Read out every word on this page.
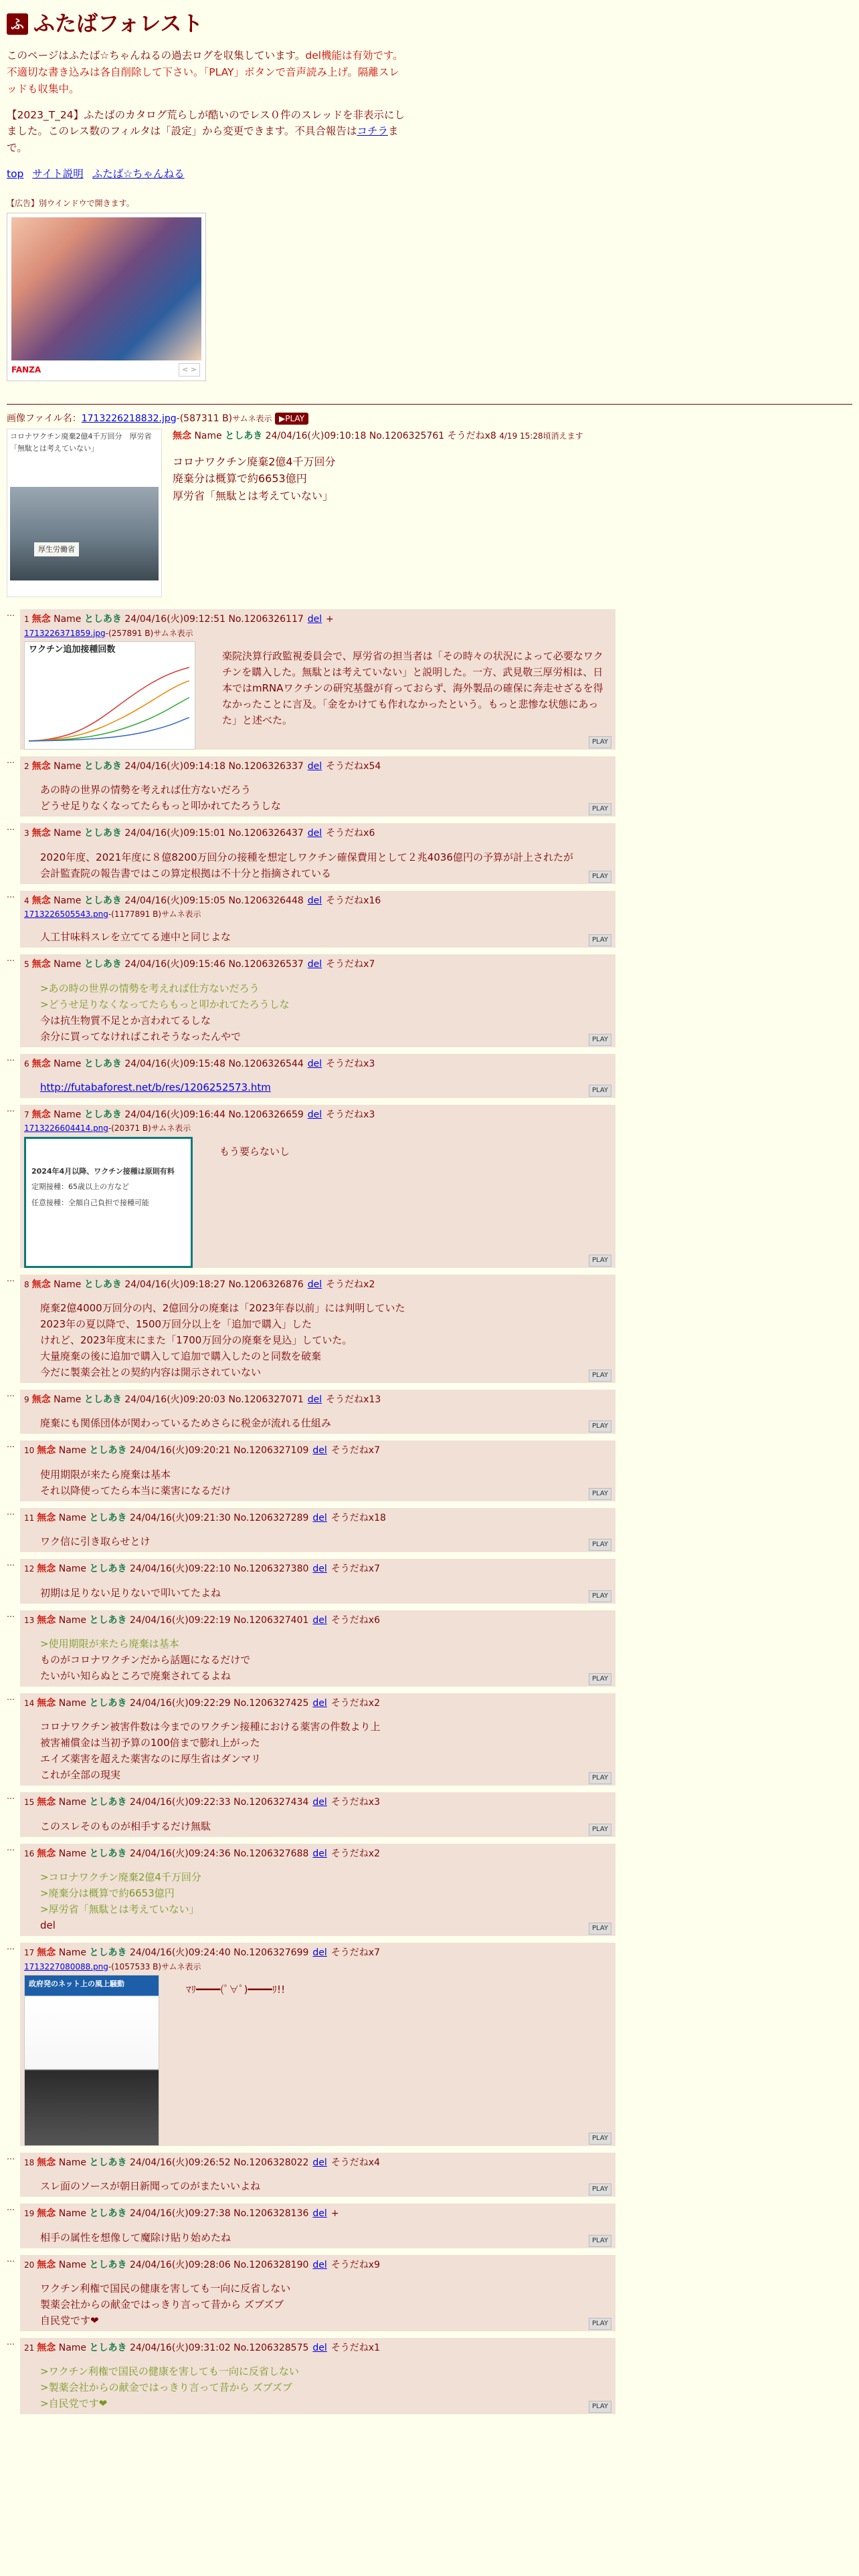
ふ ふたばフォレスト

このページはふたば☆ちゃんねるの過去ログを収集しています。del機能は有効です。不適切な書き込みは各自削除して下さい。「PLAY」ボタンで音声読み上げ。隔離スレッドも収集中。

【2023_T_24】ふたばのカタログ荒らしが酷いのでレス０件のスレッドを非表示にしました。このレス数のフィルタは「設定」から変更できます。不具合報告はコチラまで。

top サイト説明 ふたば☆ちゃんねる
【広告】別ウインドウで開きます。
FANZA	< >
画像ファイル名：1713226218832.jpg-(587311 B)サムネ表示 ▶PLAY
コロナワクチン廃棄2億4千万回分　厚労省「無駄とは考えていない」
厚生労働省
無念 Name としあき 24/04/16(火)09:10:18 No.1206325761 そうだねx8 4/19 15:28頃消えます
コロナワクチン廃棄2億4千万回分
廃棄分は概算で約6653億円
厚労省「無駄とは考えていない」
…
1 無念 Name としあき 24/04/16(火)09:12:51 No.1206326117 del +
1713226371859.jpg-(257891 B)サムネ表示
ワクチン追加接種回数
楽院決算行政監視委員会で、厚労省の担当者は「その時々の状況によって必要なワクチンを購入した。無駄とは考えていない」と説明した。一方、武見敬三厚労相は、日本ではmRNAワクチンの研究基盤が育っておらず、海外製品の確保に奔走せざるを得なかったことに言及。「金をかけても作れなかったという。もっと悲惨な状態にあった」と述べた。
PLAY
…
2 無念 Name としあき 24/04/16(火)09:14:18 No.1206326337 del そうだねx54
あの時の世界の情勢を考えれば仕方ないだろう
どうせ足りなくなってたらもっと叩かれてたろうしな	PLAY
…
3 無念 Name としあき 24/04/16(火)09:15:01 No.1206326437 del そうだねx6
2020年度、2021年度に８億8200万回分の接種を想定しワクチン確保費用として２兆4036億円の予算が計上されたが
会計監査院の報告書ではこの算定根拠は不十分と指摘されている	PLAY
…
4 無念 Name としあき 24/04/16(火)09:15:05 No.1206326448 del そうだねx16
1713226505543.png-(1177891 B)サムネ表示
人工甘味料スレを立ててる連中と同じよな	PLAY
…
5 無念 Name としあき 24/04/16(火)09:15:46 No.1206326537 del そうだねx7
>あの時の世界の情勢を考えれば仕方ないだろう
>どうせ足りなくなってたらもっと叩かれてたろうしな
今は抗生物質不足とか言われてるしな
余分に買ってなければこれそうなったんやで	PLAY
…
6 無念 Name としあき 24/04/16(火)09:15:48 No.1206326544 del そうだねx3
http://futabaforest.net/b/res/1206252573.htm	PLAY
…
7 無念 Name としあき 24/04/16(火)09:16:44 No.1206326659 del そうだねx3
1713226604414.png-(20371 B)サムネ表示
2024年4月以降、ワクチン接種は原則有料
定期接種：65歳以上の方など
任意接種：全額自己負担で接種可能
もう要らないし
PLAY
…
8 無念 Name としあき 24/04/16(火)09:18:27 No.1206326876 del そうだねx2
廃棄2億4000万回分の内、2億回分の廃棄は「2023年春以前」には判明していた
2023年の夏以降で、1500万回分以上を「追加で購入」した
けれど、2023年度末にまた「1700万回分の廃棄を見込」していた。
大量廃棄の後に追加で購入して追加で購入したのと同数を破棄
今だに製薬会社との契約内容は開示されていない	PLAY
…
9 無念 Name としあき 24/04/16(火)09:20:03 No.1206327071 del そうだねx13
廃棄にも関係団体が関わっているためさらに税金が流れる仕組み	PLAY
…
10 無念 Name としあき 24/04/16(火)09:20:21 No.1206327109 del そうだねx7
使用期限が来たら廃棄は基本
それ以降使ってたら本当に薬害になるだけ	PLAY
…
11 無念 Name としあき 24/04/16(火)09:21:30 No.1206327289 del そうだねx18
ワク信に引き取らせとけ	PLAY
…
12 無念 Name としあき 24/04/16(火)09:22:10 No.1206327380 del そうだねx7
初期は足りない足りないで叩いてたよね	PLAY
…
13 無念 Name としあき 24/04/16(火)09:22:19 No.1206327401 del そうだねx6
>使用期限が来たら廃棄は基本
ものがコロナワクチンだから話題になるだけで
たいがい知らぬところで廃棄されてるよね	PLAY
…
14 無念 Name としあき 24/04/16(火)09:22:29 No.1206327425 del そうだねx2
コロナワクチン被害件数は今までのワクチン接種における薬害の件数より上
被害補償金は当初予算の100倍まで膨れ上がった
エイズ薬害を超えた薬害なのに厚生省はダンマリ
これが全部の現実	PLAY
…
15 無念 Name としあき 24/04/16(火)09:22:33 No.1206327434 del そうだねx3
このスレそのものが相手するだけ無駄	PLAY
…
16 無念 Name としあき 24/04/16(火)09:24:36 No.1206327688 del そうだねx2
>コロナワクチン廃棄2億4千万回分
>廃棄分は概算で約6653億円
>厚労省「無駄とは考えていない」
del	PLAY
…
17 無念 Name としあき 24/04/16(火)09:24:40 No.1206327699 del そうだねx7
1713227080088.png-(1057533 B)サムネ表示
政府発のネット上の風上騒動	ﾏﾘ━━━━(ﾟ∀ﾟ)━━━━ﾘ!!
PLAY
…
18 無念 Name としあき 24/04/16(火)09:26:52 No.1206328022 del そうだねx4
スレ面のソースが朝日新聞ってのがまたいいよね	PLAY
…
19 無念 Name としあき 24/04/16(火)09:27:38 No.1206328136 del +
相手の属性を想像して魔除け貼り始めたね	PLAY
…
20 無念 Name としあき 24/04/16(火)09:28:06 No.1206328190 del そうだねx9
ワクチン利権で国民の健康を害しても一向に反省しない
製薬会社からの献金ではっきり言って昔から ズブズブ
自民党です❤	PLAY
…
21 無念 Name としあき 24/04/16(火)09:31:02 No.1206328575 del そうだねx1
>ワクチン利権で国民の健康を害しても一向に反省しない
>製薬会社からの献金ではっきり言って昔から ズブズブ
>自民党です❤	PLAY
